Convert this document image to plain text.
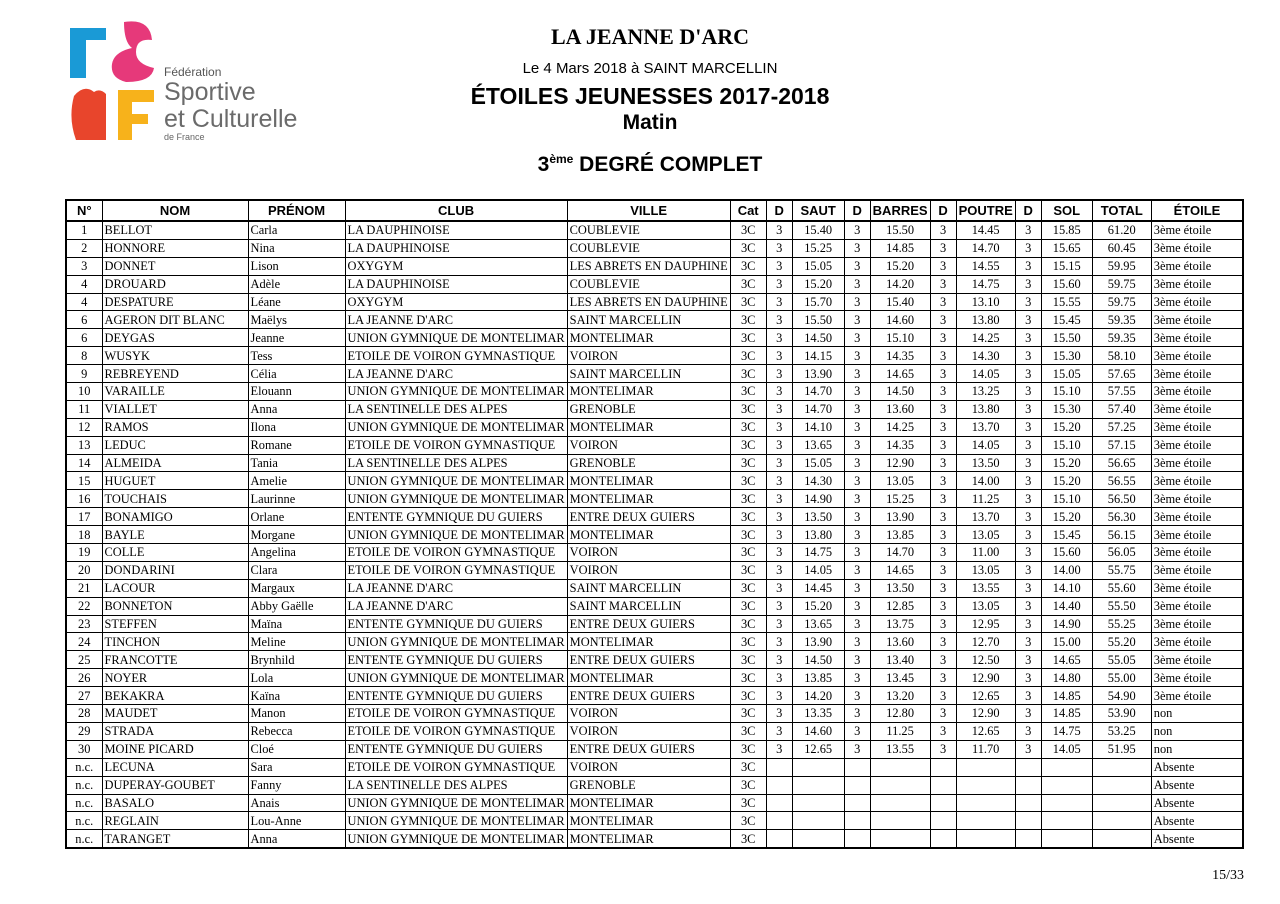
Fédération
Sportive
et Culturelle
de France
LA JEANNE D'ARC
Le 4 Mars 2018 à SAINT MARCELLIN
ÉTOILES JEUNESSES 2017-2018
Matin
3ème DEGRÉ COMPLET
N°	NOM	PRÉNOM	CLUB	VILLE	Cat	D	SAUT	D	BARRES	D	POUTRE	D	SOL	TOTAL	ÉTOILE
1	BELLOT	Carla	LA DAUPHINOISE	COUBLEVIE	3C	3	15.40	3	15.50	3	14.45	3	15.85	61.20	3ème étoile
2	HONNORE	Nina	LA DAUPHINOISE	COUBLEVIE	3C	3	15.25	3	14.85	3	14.70	3	15.65	60.45	3ème étoile
3	DONNET	Lison	OXYGYM	LES ABRETS EN DAUPHINE	3C	3	15.05	3	15.20	3	14.55	3	15.15	59.95	3ème étoile
4	DROUARD	Adèle	LA DAUPHINOISE	COUBLEVIE	3C	3	15.20	3	14.20	3	14.75	3	15.60	59.75	3ème étoile
4	DESPATURE	Léane	OXYGYM	LES ABRETS EN DAUPHINE	3C	3	15.70	3	15.40	3	13.10	3	15.55	59.75	3ème étoile
6	AGERON DIT BLANC	Maëlys	LA JEANNE D'ARC	SAINT MARCELLIN	3C	3	15.50	3	14.60	3	13.80	3	15.45	59.35	3ème étoile
6	DEYGAS	Jeanne	UNION GYMNIQUE DE MONTELIMAR	MONTELIMAR	3C	3	14.50	3	15.10	3	14.25	3	15.50	59.35	3ème étoile
8	WUSYK	Tess	ETOILE DE VOIRON GYMNASTIQUE	VOIRON	3C	3	14.15	3	14.35	3	14.30	3	15.30	58.10	3ème étoile
9	REBREYEND	Célia	LA JEANNE D'ARC	SAINT MARCELLIN	3C	3	13.90	3	14.65	3	14.05	3	15.05	57.65	3ème étoile
10	VARAILLE	Elouann	UNION GYMNIQUE DE MONTELIMAR	MONTELIMAR	3C	3	14.70	3	14.50	3	13.25	3	15.10	57.55	3ème étoile
11	VIALLET	Anna	LA SENTINELLE DES ALPES	GRENOBLE	3C	3	14.70	3	13.60	3	13.80	3	15.30	57.40	3ème étoile
12	RAMOS	Ilona	UNION GYMNIQUE DE MONTELIMAR	MONTELIMAR	3C	3	14.10	3	14.25	3	13.70	3	15.20	57.25	3ème étoile
13	LEDUC	Romane	ETOILE DE VOIRON GYMNASTIQUE	VOIRON	3C	3	13.65	3	14.35	3	14.05	3	15.10	57.15	3ème étoile
14	ALMEIDA	Tania	LA SENTINELLE DES ALPES	GRENOBLE	3C	3	15.05	3	12.90	3	13.50	3	15.20	56.65	3ème étoile
15	HUGUET	Amelie	UNION GYMNIQUE DE MONTELIMAR	MONTELIMAR	3C	3	14.30	3	13.05	3	14.00	3	15.20	56.55	3ème étoile
16	TOUCHAIS	Laurinne	UNION GYMNIQUE DE MONTELIMAR	MONTELIMAR	3C	3	14.90	3	15.25	3	11.25	3	15.10	56.50	3ème étoile
17	BONAMIGO	Orlane	ENTENTE GYMNIQUE DU GUIERS	ENTRE DEUX GUIERS	3C	3	13.50	3	13.90	3	13.70	3	15.20	56.30	3ème étoile
18	BAYLE	Morgane	UNION GYMNIQUE DE MONTELIMAR	MONTELIMAR	3C	3	13.80	3	13.85	3	13.05	3	15.45	56.15	3ème étoile
19	COLLE	Angelina	ETOILE DE VOIRON GYMNASTIQUE	VOIRON	3C	3	14.75	3	14.70	3	11.00	3	15.60	56.05	3ème étoile
20	DONDARINI	Clara	ETOILE DE VOIRON GYMNASTIQUE	VOIRON	3C	3	14.05	3	14.65	3	13.05	3	14.00	55.75	3ème étoile
21	LACOUR	Margaux	LA JEANNE D'ARC	SAINT MARCELLIN	3C	3	14.45	3	13.50	3	13.55	3	14.10	55.60	3ème étoile
22	BONNETON	Abby Gaëlle	LA JEANNE D'ARC	SAINT MARCELLIN	3C	3	15.20	3	12.85	3	13.05	3	14.40	55.50	3ème étoile
23	STEFFEN	Maïna	ENTENTE GYMNIQUE DU GUIERS	ENTRE DEUX GUIERS	3C	3	13.65	3	13.75	3	12.95	3	14.90	55.25	3ème étoile
24	TINCHON	Meline	UNION GYMNIQUE DE MONTELIMAR	MONTELIMAR	3C	3	13.90	3	13.60	3	12.70	3	15.00	55.20	3ème étoile
25	FRANCOTTE	Brynhild	ENTENTE GYMNIQUE DU GUIERS	ENTRE DEUX GUIERS	3C	3	14.50	3	13.40	3	12.50	3	14.65	55.05	3ème étoile
26	NOYER	Lola	UNION GYMNIQUE DE MONTELIMAR	MONTELIMAR	3C	3	13.85	3	13.45	3	12.90	3	14.80	55.00	3ème étoile
27	BEKAKRA	Kaïna	ENTENTE GYMNIQUE DU GUIERS	ENTRE DEUX GUIERS	3C	3	14.20	3	13.20	3	12.65	3	14.85	54.90	3ème étoile
28	MAUDET	Manon	ETOILE DE VOIRON GYMNASTIQUE	VOIRON	3C	3	13.35	3	12.80	3	12.90	3	14.85	53.90	non
29	STRADA	Rebecca	ETOILE DE VOIRON GYMNASTIQUE	VOIRON	3C	3	14.60	3	11.25	3	12.65	3	14.75	53.25	non
30	MOINE PICARD	Cloé	ENTENTE GYMNIQUE DU GUIERS	ENTRE DEUX GUIERS	3C	3	12.65	3	13.55	3	11.70	3	14.05	51.95	non
n.c.	LECUNA	Sara	ETOILE DE VOIRON GYMNASTIQUE	VOIRON	3C										Absente
n.c.	DUPERAY-GOUBET	Fanny	LA SENTINELLE DES ALPES	GRENOBLE	3C										Absente
n.c.	BASALO	Anais	UNION GYMNIQUE DE MONTELIMAR	MONTELIMAR	3C										Absente
n.c.	REGLAIN	Lou-Anne	UNION GYMNIQUE DE MONTELIMAR	MONTELIMAR	3C										Absente
n.c.	TARANGET	Anna	UNION GYMNIQUE DE MONTELIMAR	MONTELIMAR	3C										Absente
15/33
